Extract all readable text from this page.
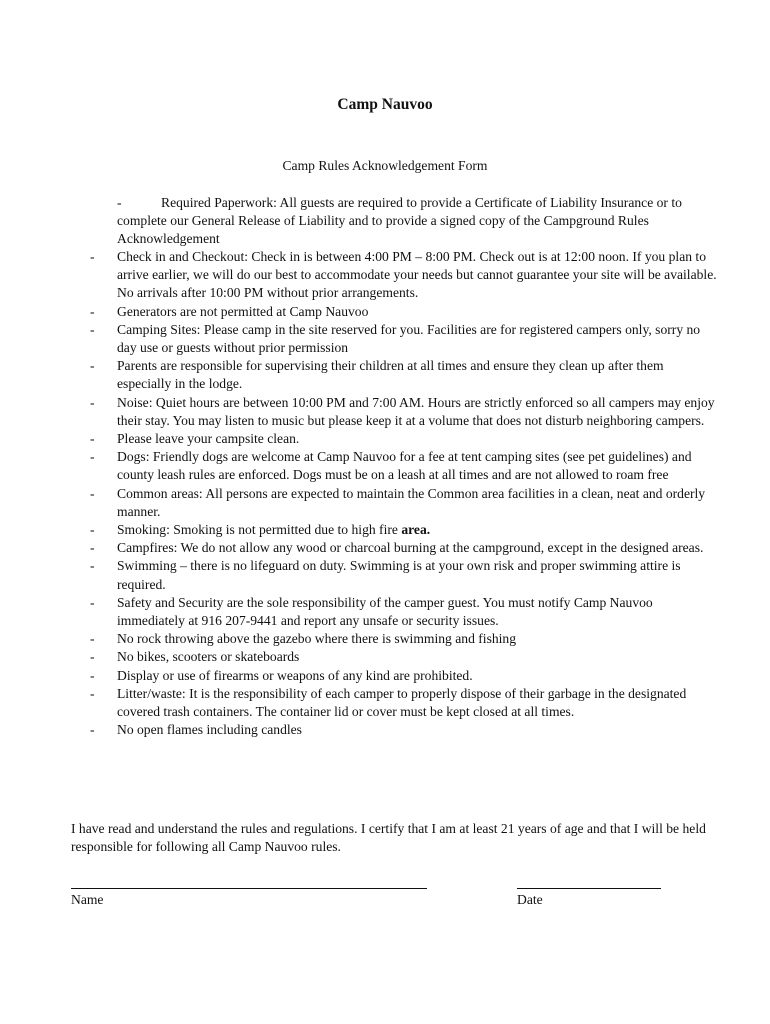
Camp Nauvoo
Camp Rules Acknowledgement Form
-	Required Paperwork: All guests are required to provide a Certificate of Liability Insurance or to complete our General Release of Liability and to provide a signed copy of the Campground Rules Acknowledgement
- Check in and Checkout: Check in is between 4:00 PM – 8:00 PM. Check out is at 12:00 noon. If you plan to arrive earlier, we will do our best to accommodate your needs but cannot guarantee your site will be available. No arrivals after 10:00 PM without prior arrangements.
- Generators are not permitted at Camp Nauvoo
- Camping Sites: Please camp in the site reserved for you. Facilities are for registered campers only, sorry no day use or guests without prior permission
- Parents are responsible for supervising their children at all times and ensure they clean up after them especially in the lodge.
- Noise: Quiet hours are between 10:00 PM and 7:00 AM. Hours are strictly enforced so all campers may enjoy their stay. You may listen to music but please keep it at a volume that does not disturb neighboring campers.
- Please leave your campsite clean.
- Dogs: Friendly dogs are welcome at Camp Nauvoo for a fee at tent camping sites (see pet guidelines) and county leash rules are enforced. Dogs must be on a leash at all times and are not allowed to roam free
- Common areas: All persons are expected to maintain the Common area facilities in a clean, neat and orderly manner.
- Smoking: Smoking is not permitted due to high fire area.
- Campfires: We do not allow any wood or charcoal burning at the campground, except in the designed areas.
- Swimming – there is no lifeguard on duty. Swimming is at your own risk and proper swimming attire is required.
- Safety and Security are the sole responsibility of the camper guest. You must notify Camp Nauvoo immediately at 916 207-9441 and report any unsafe or security issues.
- No rock throwing above the gazebo where there is swimming and fishing
- No bikes, scooters or skateboards
- Display or use of firearms or weapons of any kind are prohibited.
- Litter/waste: It is the responsibility of each camper to properly dispose of their garbage in the designated covered trash containers. The container lid or cover must be kept closed at all times.
- No open flames including candles
I have read and understand the rules and regulations. I certify that I am at least 21 years of age and that I will be held responsible for following all Camp Nauvoo rules.
Name	Date
